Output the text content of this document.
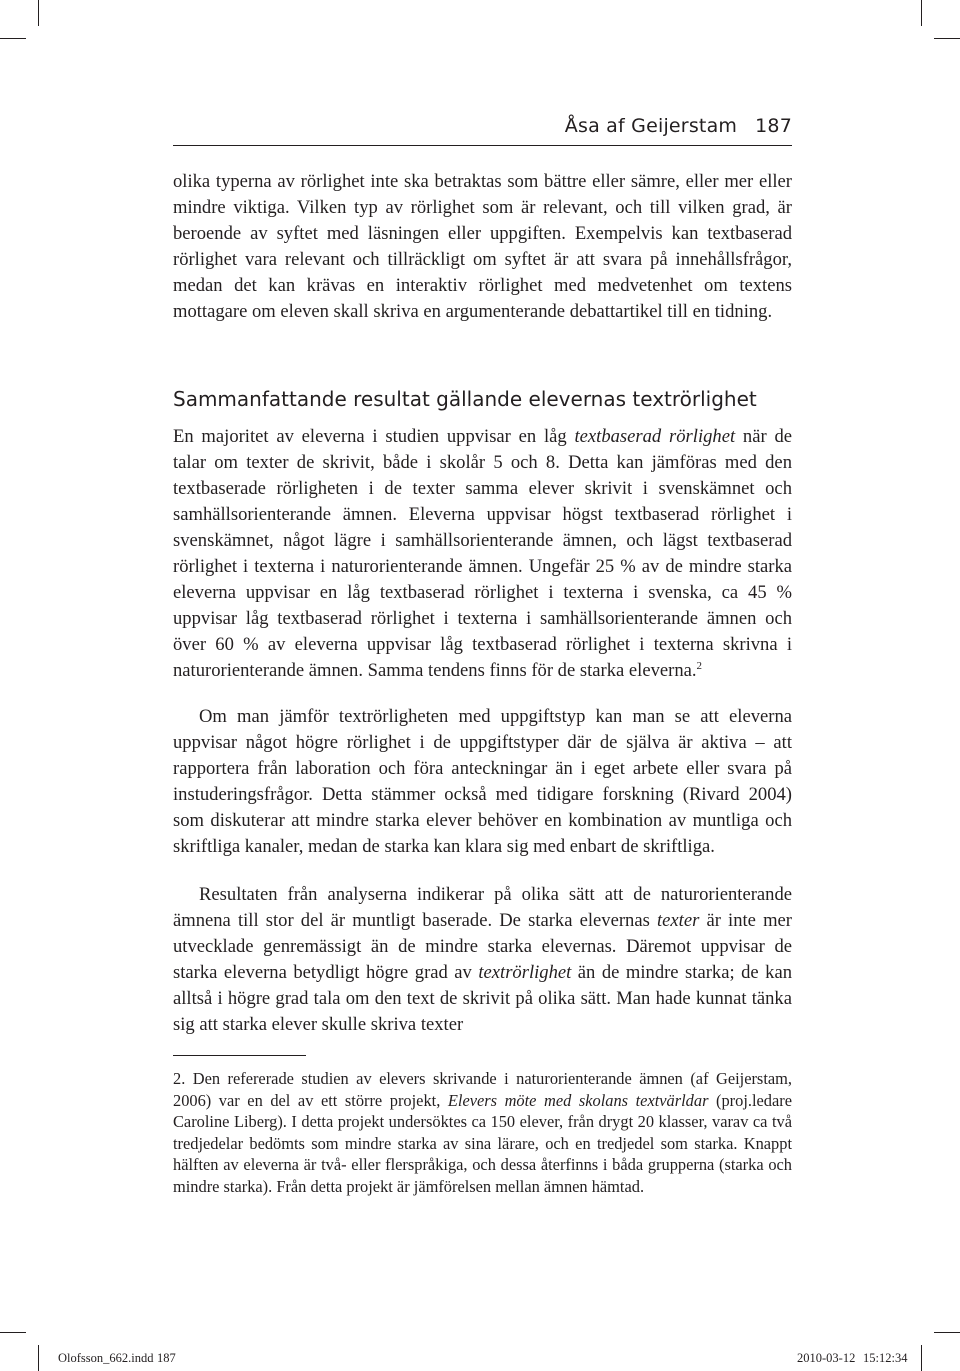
Åsa af Geijerstam 187

olika typerna av rörlighet inte ska betraktas som bättre eller sämre, eller mer eller mindre viktiga. Vilken typ av rörlighet som är relevant, och till vilken grad, är beroende av syftet med läsningen eller uppgiften. Exempelvis kan textbaserad rörlighet vara relevant och tillräckligt om syftet är att svara på innehållsfrågor, medan det kan krävas en interaktiv rörlighet med medvetenhet om textens mottagare om eleven skall skriva en argumenterande debattartikel till en tidning.

Sammanfattande resultat gällande elevernas textrörlighet

En majoritet av eleverna i studien uppvisar en låg textbaserad rörlighet när de talar om texter de skrivit, både i skolår 5 och 8. Detta kan jämföras med den textbaserade rörligheten i de texter samma elever skrivit i svenskämnet och samhällsorienterande ämnen. Eleverna uppvisar högst textbaserad rörlighet i svenskämnet, något lägre i samhällsorienterande ämnen, och lägst textbaserad rörlighet i texterna i naturorienterande ämnen. Ungefär 25 % av de mindre starka eleverna uppvisar en låg textbaserad rörlighet i texterna i svenska, ca 45 % uppvisar låg textbaserad rörlighet i texterna i samhällsorienterande ämnen och över 60 % av eleverna uppvisar låg textbaserad rörlighet i texterna skrivna i naturorienterande ämnen. Samma tendens finns för de starka eleverna.$^2$

Om man jämför textrörligheten med uppgiftstyp kan man se att eleverna uppvisar något högre rörlighet i de uppgiftstyper där de själva är aktiva – att rapportera från laboration och föra anteckningar än i eget arbete eller svara på instuderingsfrågor. Detta stämmer också med tidigare forskning (Rivard 2004) som diskuterar att mindre starka elever behöver en kombination av muntliga och skriftliga kanaler, medan de starka kan klara sig med enbart de skriftliga.

Resultaten från analyserna indikerar på olika sätt att de naturorienterande ämnena till stor del är muntligt baserade. De starka elevernas texter är inte mer utvecklade genremässigt än de mindre starka elevernas. Däremot uppvisar de starka eleverna betydligt högre grad av textrörlighet än de mindre starka; de kan alltså i högre grad tala om den text de skrivit på olika sätt. Man hade kunnat tänka sig att starka elever skulle skriva texter

2. Den refererade studien av elevers skrivande i naturorienterande ämnen (af Geijerstam, 2006) var en del av ett större projekt, Elevers möte med skolans textvärldar (proj.ledare Caroline Liberg). I detta projekt undersöktes ca 150 elever, från drygt 20 klasser, varav ca två tredjedelar bedömts som mindre starka av sina lärare, och en tredjedel som starka. Knappt hälften av eleverna är två- eller flerspråkiga, och dessa återfinns i båda grupperna (starka och mindre starka). Från detta projekt är jämförelsen mellan ämnen hämtad.

Olofsson_662.indd 187	2010-03-12 15:12:34
